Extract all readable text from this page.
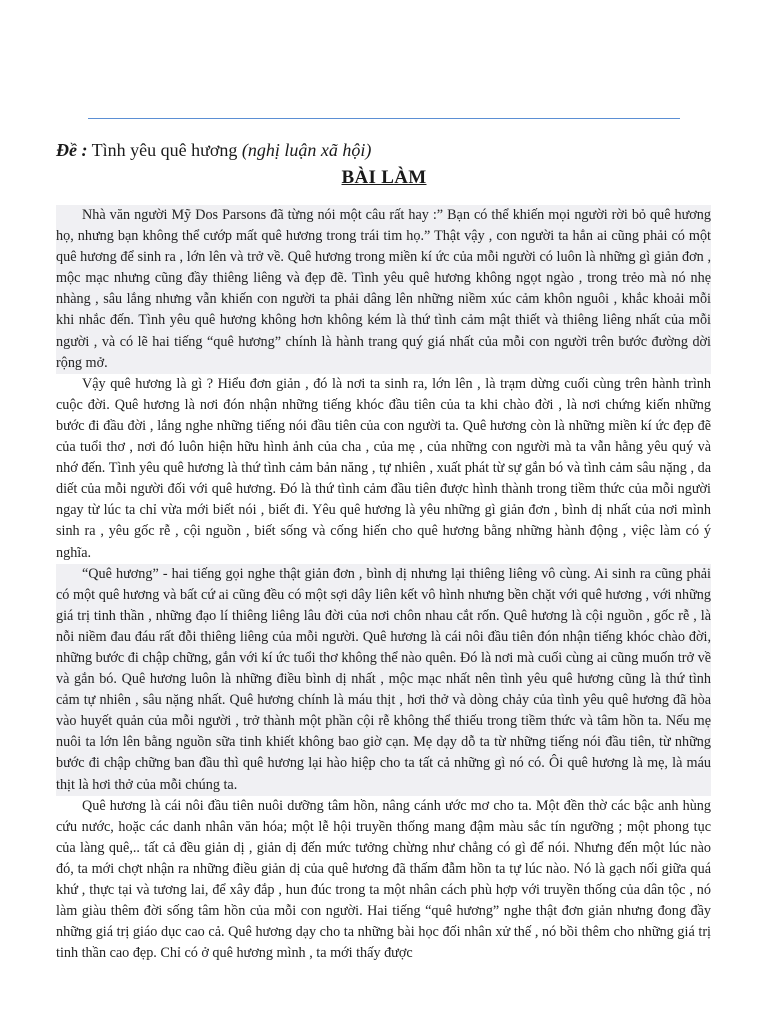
Đề : Tình yêu quê hương (nghị luận xã hội)
BÀI LÀM

Nhà văn người Mỹ Dos Parsons đã từng nói một câu rất hay :” Bạn có thể khiến mọi người rời bỏ quê hương họ, nhưng bạn không thể cướp mất quê hương trong trái tim họ.” Thật vậy , con người ta hẳn ai cũng phải có một quê hương để sinh ra , lớn lên và trở về. Quê hương trong miền kí ức của mỗi người có luôn là những gì giản đơn , mộc mạc nhưng cũng đầy thiêng liêng và đẹp đẽ. Tình yêu quê hương không ngọt ngào , trong trẻo mà nó nhẹ nhàng , sâu lắng nhưng vẫn khiến con người ta phải dâng lên những niềm xúc cảm khôn nguôi , khắc khoải mỗi khi nhắc đến. Tình yêu quê hương không hơn không kém là thứ tình cảm mật thiết và thiêng liêng nhất của mỗi người , và có lẽ hai tiếng “quê hương” chính là hành trang quý giá nhất của mỗi con người trên bước đường dời rộng mở.

Vậy quê hương là gì ? Hiểu đơn giản , đó là nơi ta sinh ra, lớn lên , là trạm dừng cuối cùng trên hành trình cuộc đời. Quê hương là nơi đón nhận những tiếng khóc đầu tiên của ta khi chào đời , là nơi chứng kiến những bước đi đầu đời , lắng nghe những tiếng nói đầu tiên của con người ta. Quê hương còn là những miền kí ức đẹp đẽ của tuổi thơ , nơi đó luôn hiện hữu hình ảnh của cha , của mẹ , của những con người mà ta vẫn hằng yêu quý và nhớ đến. Tình yêu quê hương là thứ tình cảm bản năng , tự nhiên , xuất phát từ sự gắn bó và tình cảm sâu nặng , da diết của mỗi người đối với quê hương. Đó là thứ tình cảm đầu tiên được hình thành trong tiềm thức của mỗi người ngay từ lúc ta chỉ vừa mới biết nói , biết đi. Yêu quê hương là yêu những gì giản đơn , bình dị nhất của nơi mình sinh ra , yêu gốc rễ , cội nguồn , biết sống và cống hiến cho quê hương bằng những hành động , việc làm có ý nghĩa.

“Quê hương” - hai tiếng gọi nghe thật giản đơn , bình dị nhưng lại thiêng liêng vô cùng. Ai sinh ra cũng phải có một quê hương và bất cứ ai cũng đều có một sợi dây liên kết vô hình nhưng bền chặt với quê hương , với những giá trị tinh thần , những đạo lí thiêng liêng lâu đời của nơi chôn nhau cắt rốn. Quê hương là cội nguồn , gốc rễ , là nỗi niềm đau đáu rất đỗi thiêng liêng của mỗi người. Quê hương là cái nôi đầu tiên đón nhận tiếng khóc chào đời, những bước đi chập chững, gắn với kí ức tuổi thơ không thể nào quên. Đó là nơi mà cuối cùng ai cũng muốn trở về và gắn bó. Quê hương luôn là những điều bình dị nhất , mộc mạc nhất nên tình yêu quê hương cũng là thứ tình cảm tự nhiên , sâu nặng nhất. Quê hương chính là máu thịt , hơi thở và dòng chảy của tình yêu quê hương đã hòa vào huyết quản của mỗi người , trở thành một phần cội rễ không thể thiếu trong tiềm thức và tâm hồn ta. Nếu mẹ nuôi ta lớn lên bằng nguồn sữa tinh khiết không bao giờ cạn. Mẹ dạy dỗ ta từ những tiếng nói đầu tiên, từ những bước đi chập chững ban đầu thì quê hương lại hào hiệp cho ta tất cả những gì nó có. Ôi quê hương là mẹ, là máu thịt là hơi thở của mỗi chúng ta.

Quê hương là cái nôi đầu tiên nuôi dưỡng tâm hồn, nâng cánh ước mơ cho ta. Một đền thờ các bậc anh hùng cứu nước, hoặc các danh nhân văn hóa; một lễ hội truyền thống mang đậm màu sắc tín ngưỡng ; một phong tục của làng quê,.. tất cả đều giản dị , giản dị đến mức tưởng chừng như chẳng có gì để nói. Nhưng đến một lúc nào đó, ta mới chợt nhận ra những điều giản dị của quê hương đã thấm đẫm hồn ta tự lúc nào. Nó là gạch nối giữa quá khứ , thực tại và tương lai, để xây đắp , hun đúc trong ta một nhân cách phù hợp với truyền thống của dân tộc , nó làm giàu thêm đời sống tâm hồn của mỗi con người. Hai tiếng “quê hương” nghe thật đơn giản nhưng đong đầy những giá trị giáo dục cao cả. Quê hương dạy cho ta những bài học đối nhân xử thế , nó bồi thêm cho những giá trị tinh thần cao đẹp. Chỉ có ở quê hương mình , ta mới thấy được
